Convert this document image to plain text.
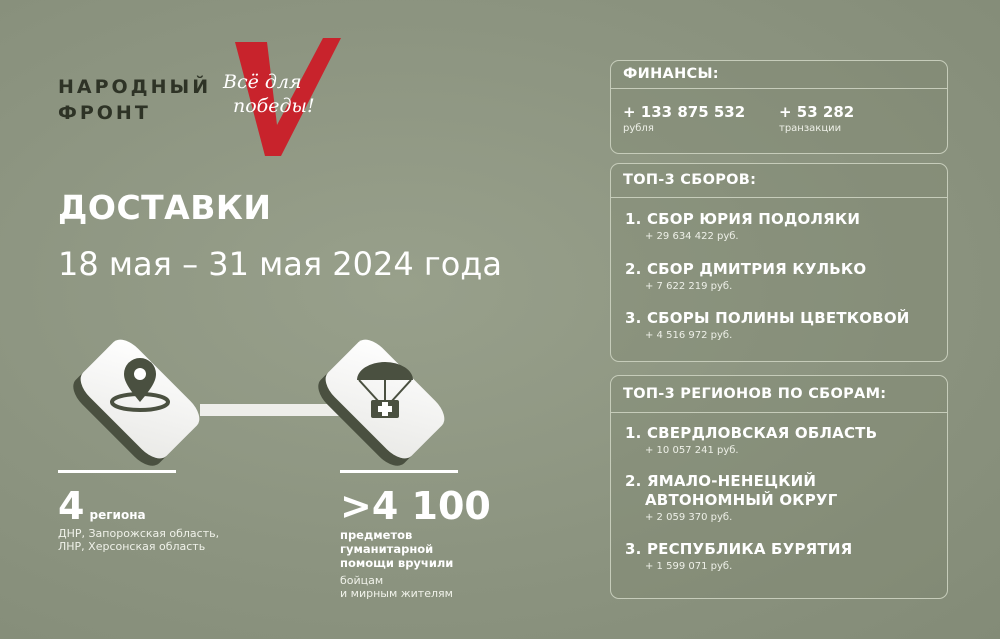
НАРОДНЫЙ
ФРОНТ
Всё для
победы!
ДОСТАВКИ
18 мая – 31 мая 2024 года
4 региона
ДНР, Запорожская область,
ЛНР, Херсонская область
>4 100
предметов
гуманитарной
помощи вручили
бойцам
и мирным жителям
ФИНАНСЫ:
+ 133 875 532
рубля
+ 53 282
транзакции
ТОП-3 СБОРОВ:
1. СБОР ЮРИЯ ПОДОЛЯКИ
+ 29 634 422 руб.
2. СБОР ДМИТРИЯ КУЛЬКО
+ 7 622 219 руб.
3. СБОРЫ ПОЛИНЫ ЦВЕТКОВОЙ
+ 4 516 972 руб.
ТОП-3 РЕГИОНОВ ПО СБОРАМ:
1. СВЕРДЛОВСКАЯ ОБЛАСТЬ
+ 10 057 241 руб.
2. ЯМАЛО-НЕНЕЦКИЙ
АВТОНОМНЫЙ ОКРУГ
+ 2 059 370 руб.
3. РЕСПУБЛИКА БУРЯТИЯ
+ 1 599 071 руб.
